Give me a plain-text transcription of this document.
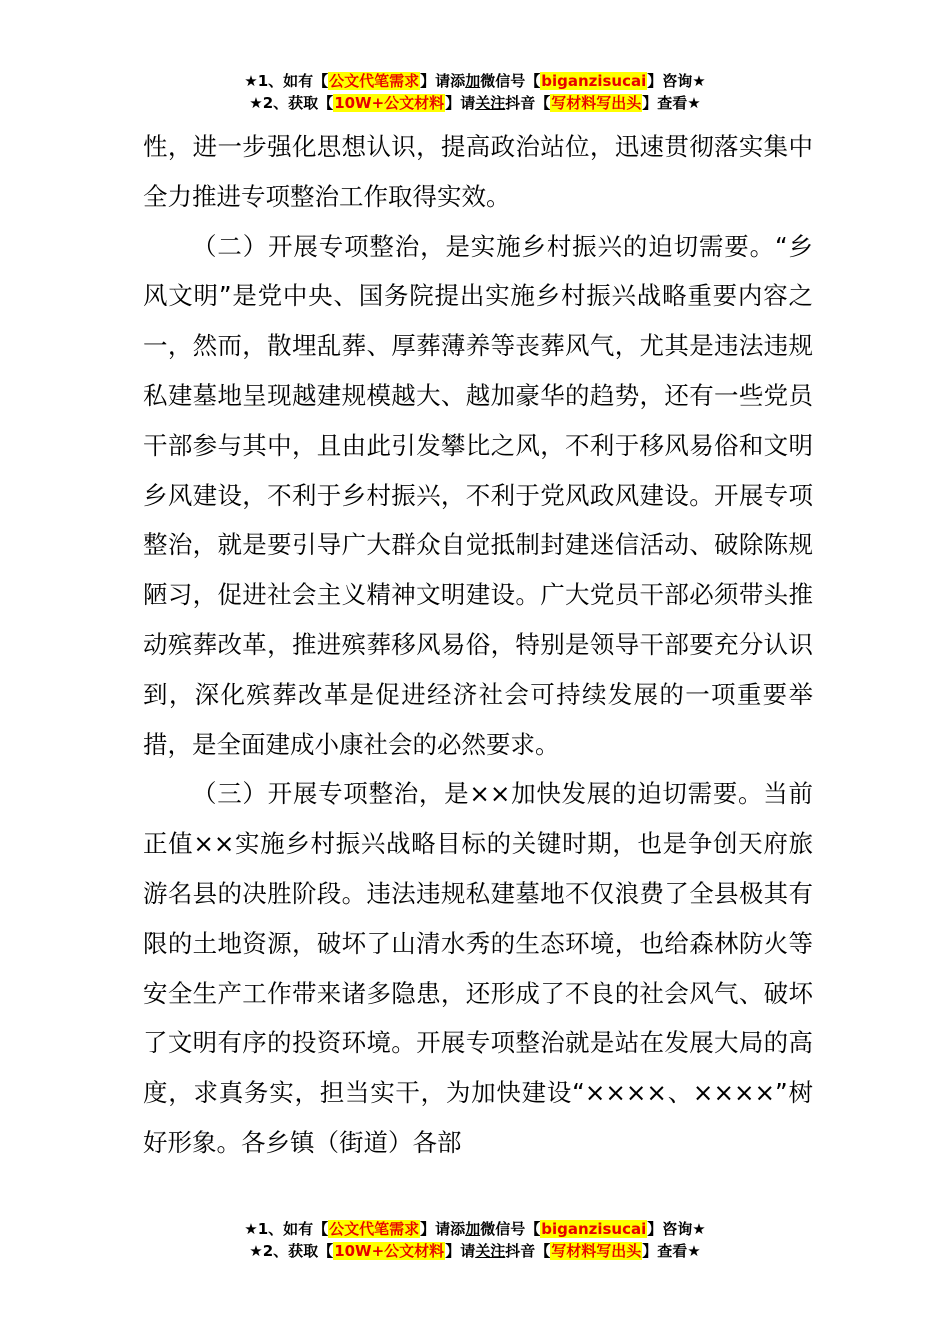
★1、如有【公文代笔需求】请添加微信号【biganzisucai】咨询★
★2、获取【10W+公文材料】请关注抖音【写材料写出头】查看★

性，进一步强化思想认识，提高政治站位，迅速贯彻落实集中全力推进专项整治工作取得实效。

（二）开展专项整治，是实施乡村振兴的迫切需要。“乡风文明”是党中央、国务院提出实施乡村振兴战略重要内容之一，然而，散埋乱葬、厚葬薄养等丧葬风气，尤其是违法违规私建墓地呈现越建规模越大、越加豪华的趋势，还有一些党员干部参与其中，且由此引发攀比之风，不利于移风易俗和文明乡风建设，不利于乡村振兴，不利于党风政风建设。开展专项整治，就是要引导广大群众自觉抵制封建迷信活动、破除陈规陋习，促进社会主义精神文明建设。广大党员干部必须带头推动殡葬改革，推进殡葬移风易俗，特别是领导干部要充分认识到，深化殡葬改革是促进经济社会可持续发展的一项重要举措，是全面建成小康社会的必然要求。

（三）开展专项整治，是××加快发展的迫切需要。当前正值××实施乡村振兴战略目标的关键时期，也是争创天府旅游名县的决胜阶段。违法违规私建墓地不仅浪费了全县极其有限的土地资源，破坏了山清水秀的生态环境，也给森林防火等安全生产工作带来诸多隐患，还形成了不良的社会风气、破坏了文明有序的投资环境。开展专项整治就是站在发展大局的高度，求真务实，担当实干，为加快建设“××××、××××”树好形象。各乡镇（街道）各部

★1、如有【公文代笔需求】请添加微信号【biganzisucai】咨询★
★2、获取【10W+公文材料】请关注抖音【写材料写出头】查看★
